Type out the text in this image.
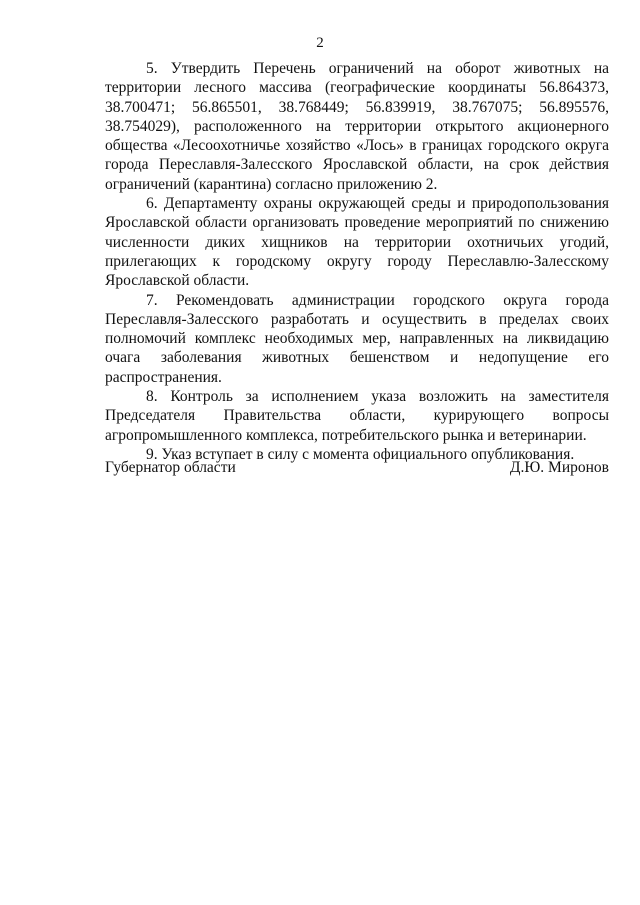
2

5. Утвердить Перечень ограничений на оборот животных на территории лесного массива (географические координаты 56.864373, 38.700471; 56.865501, 38.768449; 56.839919, 38.767075; 56.895576, 38.754029), расположенного на территории открытого акционерного общества «Лесоохотничье хозяйство «Лось» в границах городского округа города Переславля-Залесского Ярославской области, на срок действия ограничений (карантина) согласно приложению 2.

6. Департаменту охраны окружающей среды и природопользования Ярославской области организовать проведение мероприятий по снижению численности диких хищников на территории охотничьих угодий, прилегающих к городскому округу городу Переславлю-Залесскому Ярославской области.

7. Рекомендовать администрации городского округа города Переславля-Залесского разработать и осуществить в пределах своих полномочий комплекс необходимых мер, направленных на ликвидацию очага заболевания животных бешенством и недопущение его распространения.

8. Контроль за исполнением указа возложить на заместителя Председателя Правительства области, курирующего вопросы агропромышленного комплекса, потребительского рынка и ветеринарии.

9. Указ вступает в силу с момента официального опубликования.

Губернатор области	Д.Ю. Миронов
